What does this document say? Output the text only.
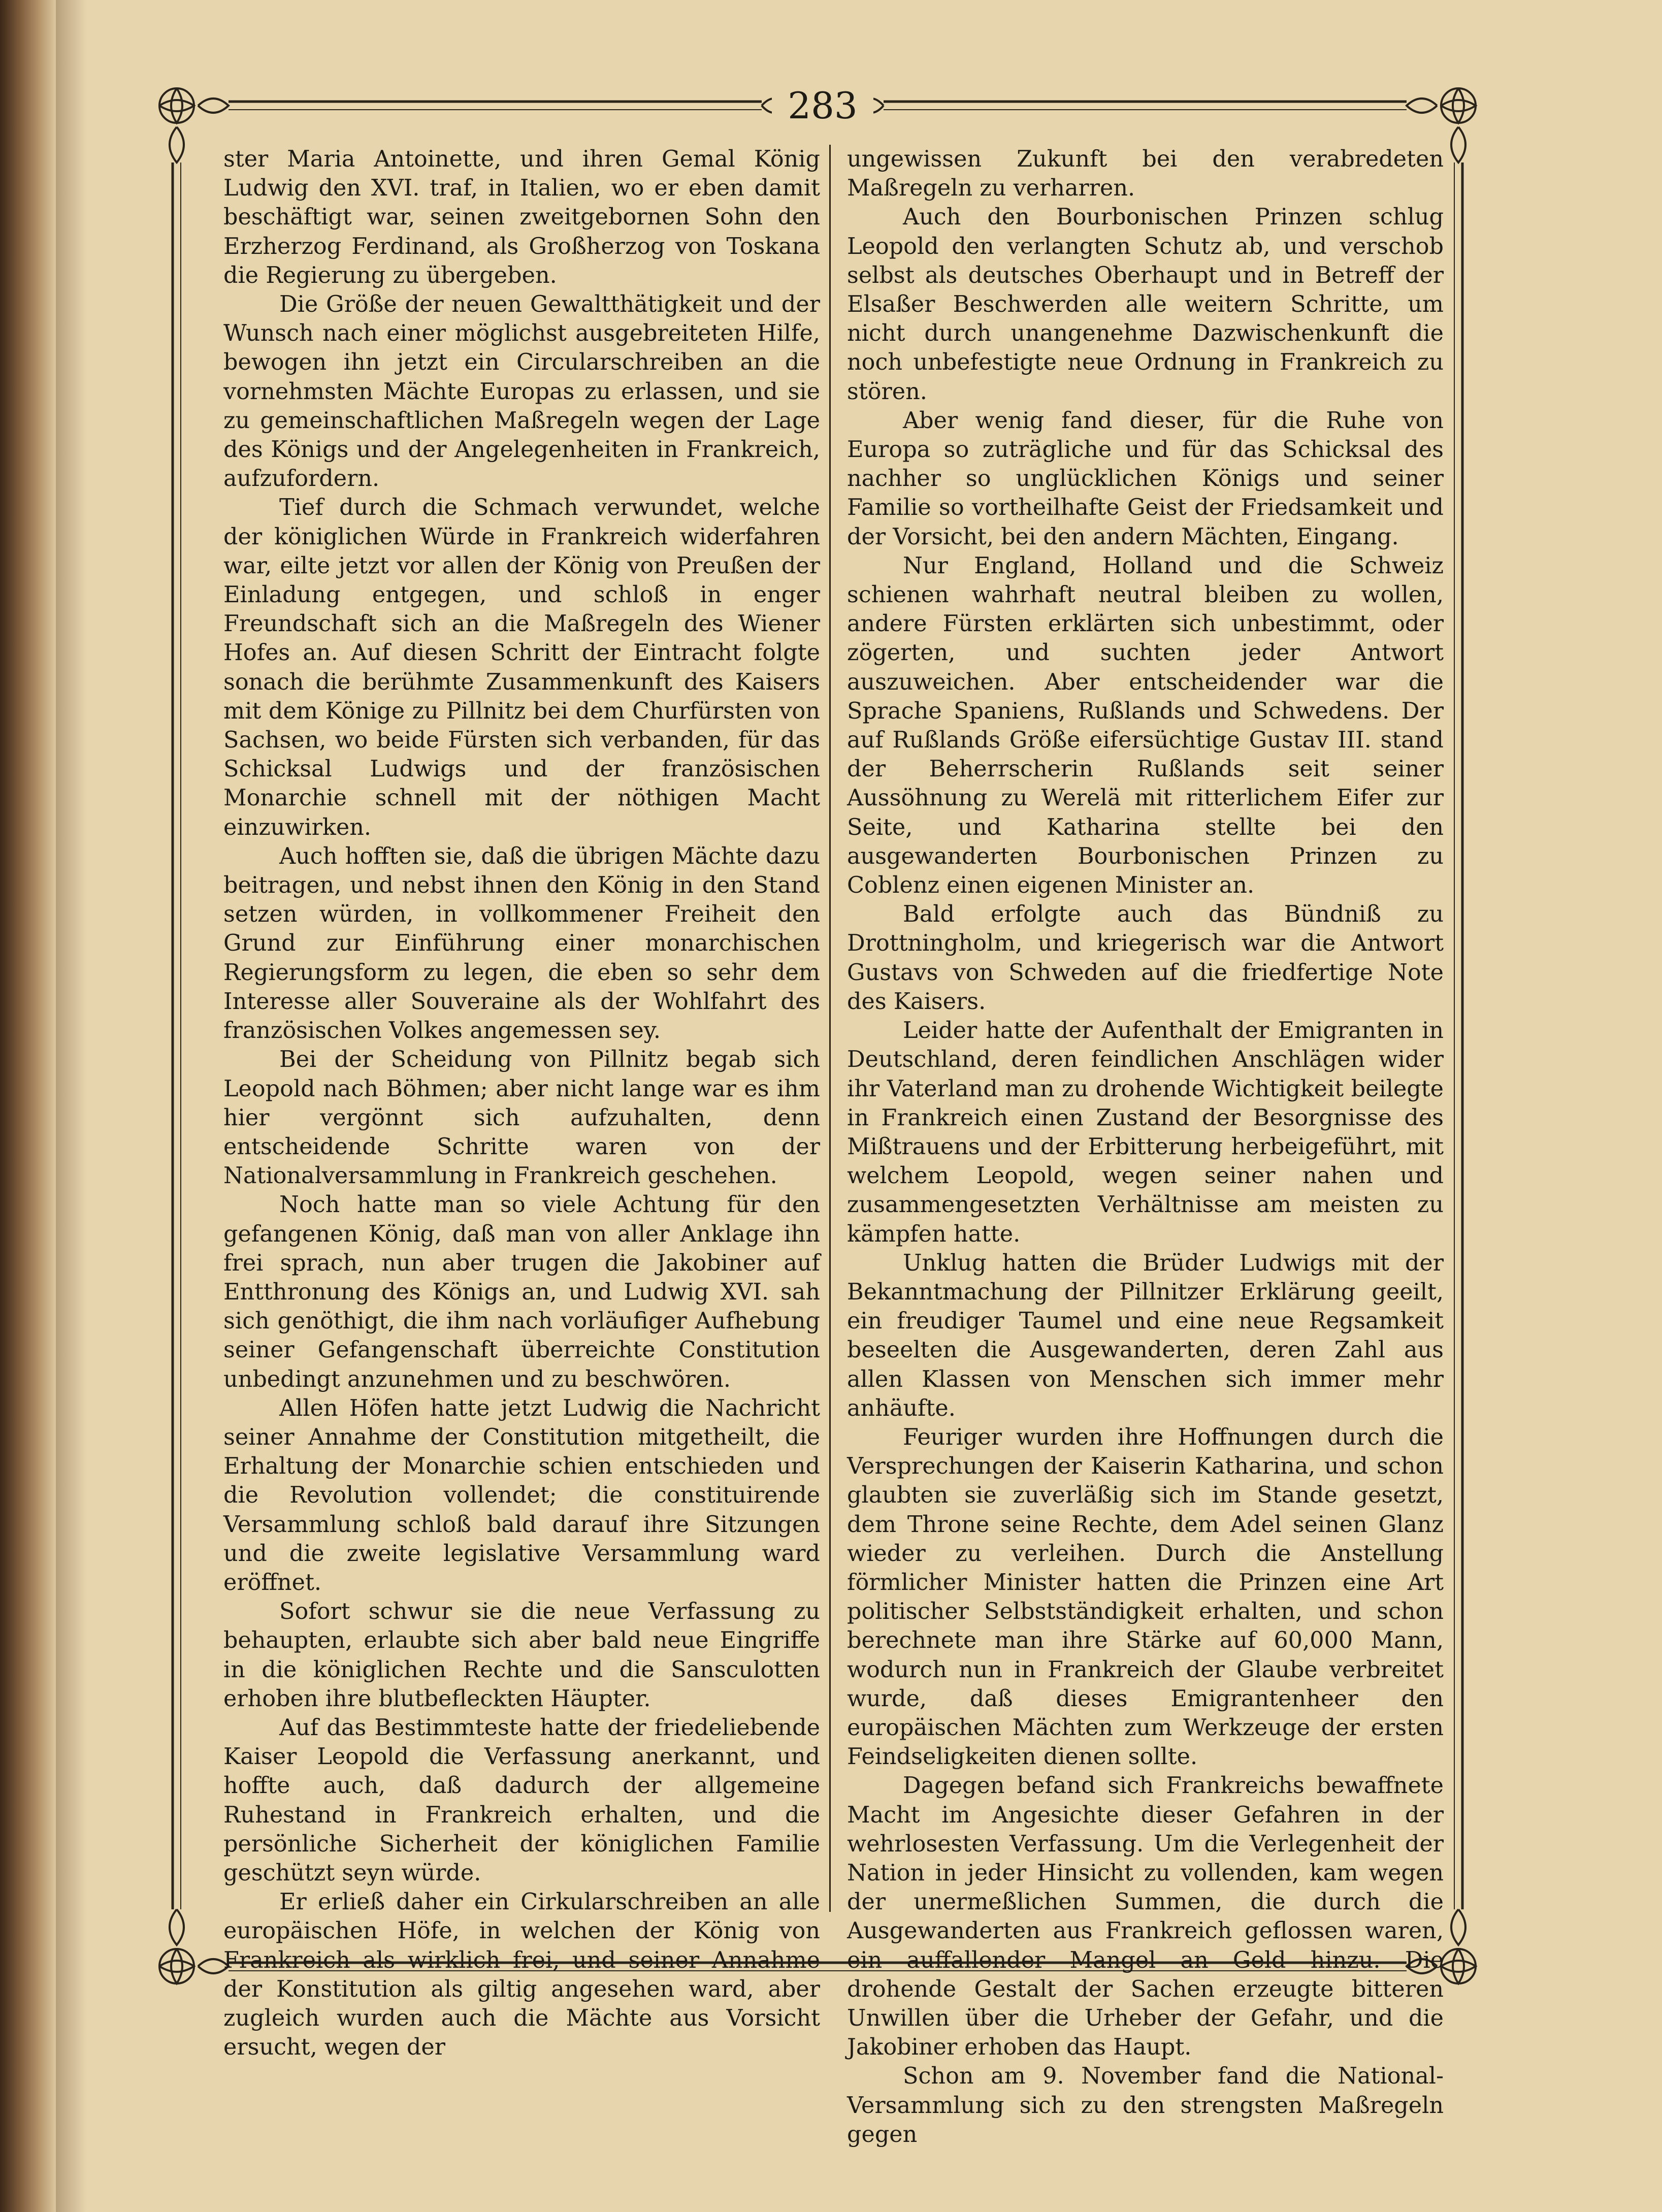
283

ster Maria Antoinette, und ihren Gemal König Ludwig den XVI. traf, in Italien, wo er eben damit beschäftigt war, seinen zweitgebornen Sohn den Erzherzog Ferdinand, als Großherzog von Toskana die Regierung zu übergeben.

Die Größe der neuen Gewaltthätigkeit und der Wunsch nach einer möglichst ausgebreiteten Hilfe, bewogen ihn jetzt ein Circularschreiben an die vornehmsten Mächte Europas zu erlassen, und sie zu gemeinschaftlichen Maßregeln wegen der Lage des Königs und der Angelegenheiten in Frankreich, aufzufordern.

Tief durch die Schmach verwundet, welche der königlichen Würde in Frankreich widerfahren war, eilte jetzt vor allen der König von Preußen der Einladung entgegen, und schloß in enger Freundschaft sich an die Maßregeln des Wiener Hofes an. Auf diesen Schritt der Eintracht folgte sonach die berühmte Zusammenkunft des Kaisers mit dem Könige zu Pillnitz bei dem Churfürsten von Sachsen, wo beide Fürsten sich verbanden, für das Schicksal Ludwigs und der französischen Monarchie schnell mit der nöthigen Macht einzuwirken.

Auch hofften sie, daß die übrigen Mächte dazu beitragen, und nebst ihnen den König in den Stand setzen würden, in vollkommener Freiheit den Grund zur Einführung einer monarchischen Regierungsform zu legen, die eben so sehr dem Interesse aller Souveraine als der Wohlfahrt des französischen Volkes angemessen sey.

Bei der Scheidung von Pillnitz begab sich Leopold nach Böhmen; aber nicht lange war es ihm hier vergönnt sich aufzuhalten, denn entscheidende Schritte waren von der Nationalversammlung in Frankreich geschehen.

Noch hatte man so viele Achtung für den gefangenen König, daß man von aller Anklage ihn frei sprach, nun aber trugen die Jakobiner auf Entthronung des Königs an, und Ludwig XVI. sah sich genöthigt, die ihm nach vorläufiger Aufhebung seiner Gefangenschaft überreichte Constitution unbedingt anzunehmen und zu beschwören.

Allen Höfen hatte jetzt Ludwig die Nachricht seiner Annahme der Constitution mitgetheilt, die Erhaltung der Monarchie schien entschieden und die Revolution vollendet; die constituirende Versammlung schloß bald darauf ihre Sitzungen und die zweite legislative Versammlung ward eröffnet.

Sofort schwur sie die neue Verfassung zu behaupten, erlaubte sich aber bald neue Eingriffe in die königlichen Rechte und die Sansculotten erhoben ihre blutbefleckten Häupter.

Auf das Bestimmteste hatte der friedeliebende Kaiser Leopold die Verfassung anerkannt, und hoffte auch, daß dadurch der allgemeine Ruhestand in Frankreich erhalten, und die persönliche Sicherheit der königlichen Familie geschützt seyn würde.

Er erließ daher ein Cirkularschreiben an alle europäischen Höfe, in welchen der König von Frankreich als wirklich frei, und seiner Annahme der Konstitution als giltig angesehen ward, aber zugleich wurden auch die Mächte aus Vorsicht ersucht, wegen der

ungewissen Zukunft bei den verabredeten Maßregeln zu verharren.

Auch den Bourbonischen Prinzen schlug Leopold den verlangten Schutz ab, und verschob selbst als deutsches Oberhaupt und in Betreff der Elsaßer Beschwerden alle weitern Schritte, um nicht durch unangenehme Dazwischenkunft die noch unbefestigte neue Ordnung in Frankreich zu stören.

Aber wenig fand dieser, für die Ruhe von Europa so zuträgliche und für das Schicksal des nachher so unglücklichen Königs und seiner Familie so vortheilhafte Geist der Friedsamkeit und der Vorsicht, bei den andern Mächten, Eingang.

Nur England, Holland und die Schweiz schienen wahrhaft neutral bleiben zu wollen, andere Fürsten erklärten sich unbestimmt, oder zögerten, und suchten jeder Antwort auszuweichen. Aber entscheidender war die Sprache Spaniens, Rußlands und Schwedens. Der auf Rußlands Größe eifersüchtige Gustav III. stand der Beherrscherin Rußlands seit seiner Aussöhnung zu Werelä mit ritterlichem Eifer zur Seite, und Katharina stellte bei den ausgewanderten Bourbonischen Prinzen zu Coblenz einen eigenen Minister an.

Bald erfolgte auch das Bündniß zu Drottningholm, und kriegerisch war die Antwort Gustavs von Schweden auf die friedfertige Note des Kaisers.

Leider hatte der Aufenthalt der Emigranten in Deutschland, deren feindlichen Anschlägen wider ihr Vaterland man zu drohende Wichtigkeit beilegte in Frankreich einen Zustand der Besorgnisse des Mißtrauens und der Erbitterung herbeigeführt, mit welchem Leopold, wegen seiner nahen und zusammengesetzten Verhältnisse am meisten zu kämpfen hatte.

Unklug hatten die Brüder Ludwigs mit der Bekanntmachung der Pillnitzer Erklärung geeilt, ein freudiger Taumel und eine neue Regsamkeit beseelten die Ausgewanderten, deren Zahl aus allen Klassen von Menschen sich immer mehr anhäufte.

Feuriger wurden ihre Hoffnungen durch die Versprechungen der Kaiserin Katharina, und schon glaubten sie zuverläßig sich im Stande gesetzt, dem Throne seine Rechte, dem Adel seinen Glanz wieder zu verleihen. Durch die Anstellung förmlicher Minister hatten die Prinzen eine Art politischer Selbstständigkeit erhalten, und schon berechnete man ihre Stärke auf 60,000 Mann, wodurch nun in Frankreich der Glaube verbreitet wurde, daß dieses Emigrantenheer den europäischen Mächten zum Werkzeuge der ersten Feindseligkeiten dienen sollte.

Dagegen befand sich Frankreichs bewaffnete Macht im Angesichte dieser Gefahren in der wehrlosesten Verfassung. Um die Verlegenheit der Nation in jeder Hinsicht zu vollenden, kam wegen der unermeßlichen Summen, die durch die Ausgewanderten aus Frankreich geflossen waren, ein auffallender Mangel an Geld hinzu. Die drohende Gestalt der Sachen erzeugte bitteren Unwillen über die Urheber der Gefahr, und die Jakobiner erhoben das Haupt.

Schon am 9. November fand die National-Versammlung sich zu den strengsten Maßregeln gegen
